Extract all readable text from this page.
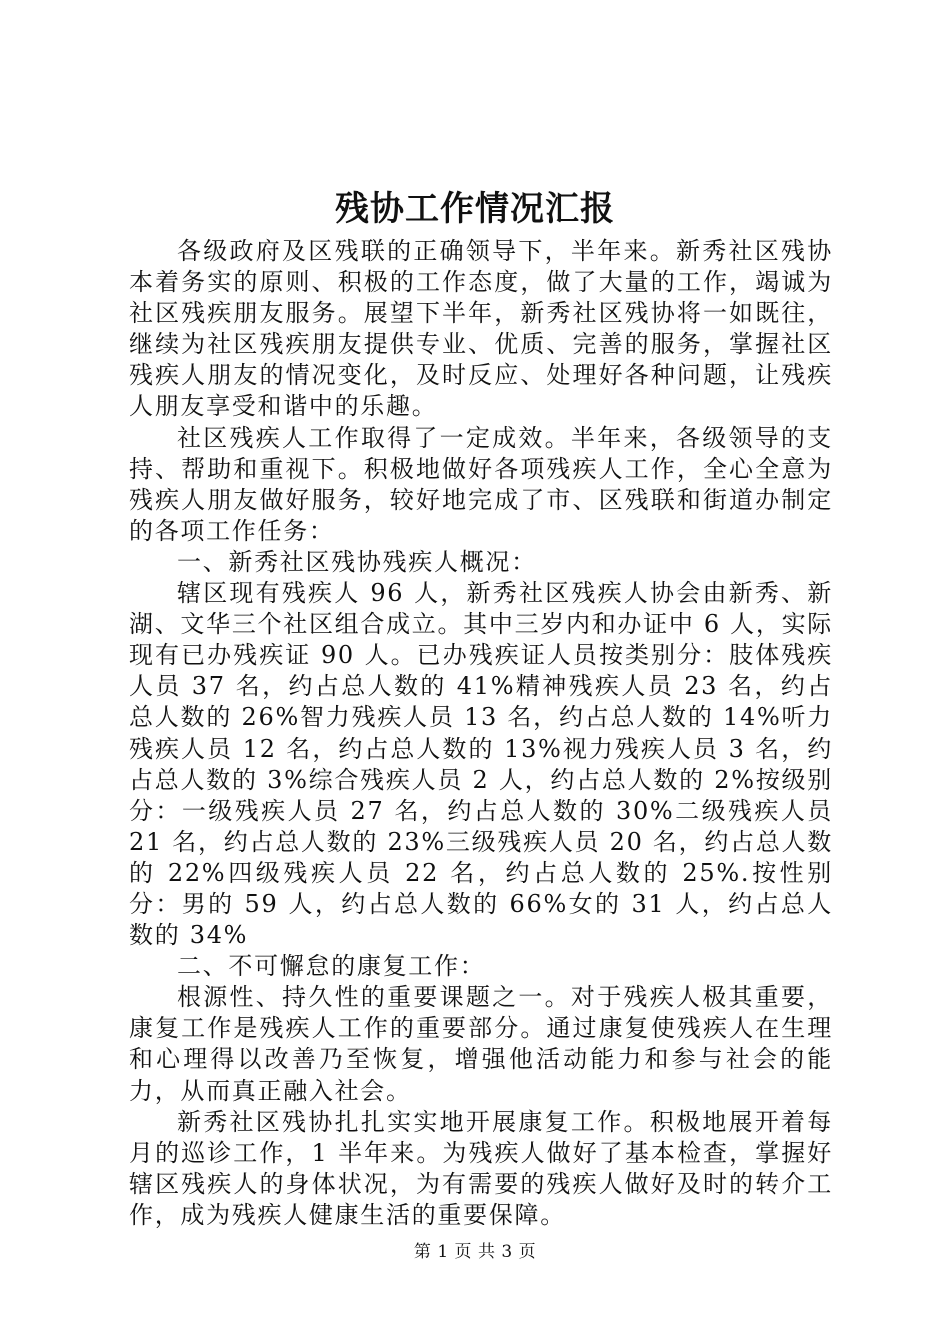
残协工作情况汇报

各级政府及区残联的正确领导下，半年来。新秀社区残协本着务实的原则、积极的工作态度，做了大量的工作，竭诚为社区残疾朋友服务。展望下半年，新秀社区残协将一如既往，继续为社区残疾朋友提供专业、优质、完善的服务，掌握社区残疾人朋友的情况变化，及时反应、处理好各种问题，让残疾人朋友享受和谐中的乐趣。

社区残疾人工作取得了一定成效。半年来，各级领导的支持、帮助和重视下。积极地做好各项残疾人工作，全心全意为残疾人朋友做好服务，较好地完成了市、区残联和街道办制定的各项工作任务：

一、新秀社区残协残疾人概况：

辖区现有残疾人 96 人，新秀社区残疾人协会由新秀、新湖、文华三个社区组合成立。其中三岁内和办证中 6 人，实际现有已办残疾证 90 人。已办残疾证人员按类别分：肢体残疾人员 37 名，约占总人数的 41%精神残疾人员 23 名，约占总人数的 26%智力残疾人员 13 名，约占总人数的 14%听力残疾人员 12 名，约占总人数的 13%视力残疾人员 3 名，约占总人数的 3%综合残疾人员 2 人，约占总人数的 2%按级别分：一级残疾人员 27 名，约占总人数的 30%二级残疾人员 21 名，约占总人数的 23%三级残疾人员 20 名，约占总人数的 22%四级残疾人员 22 名，约占总人数的 25%.按性别分：男的 59 人，约占总人数的 66%女的 31 人，约占总人数的 34%

二、不可懈怠的康复工作：

根源性、持久性的重要课题之一。对于残疾人极其重要，康复工作是残疾人工作的重要部分。通过康复使残疾人在生理和心理得以改善乃至恢复，增强他活动能力和参与社会的能力，从而真正融入社会。

新秀社区残协扎扎实实地开展康复工作。积极地展开着每月的巡诊工作，1 半年来。为残疾人做好了基本检查，掌握好辖区残疾人的身体状况，为有需要的残疾人做好及时的转介工作，成为残疾人健康生活的重要保障。

第 1 页 共 3 页
